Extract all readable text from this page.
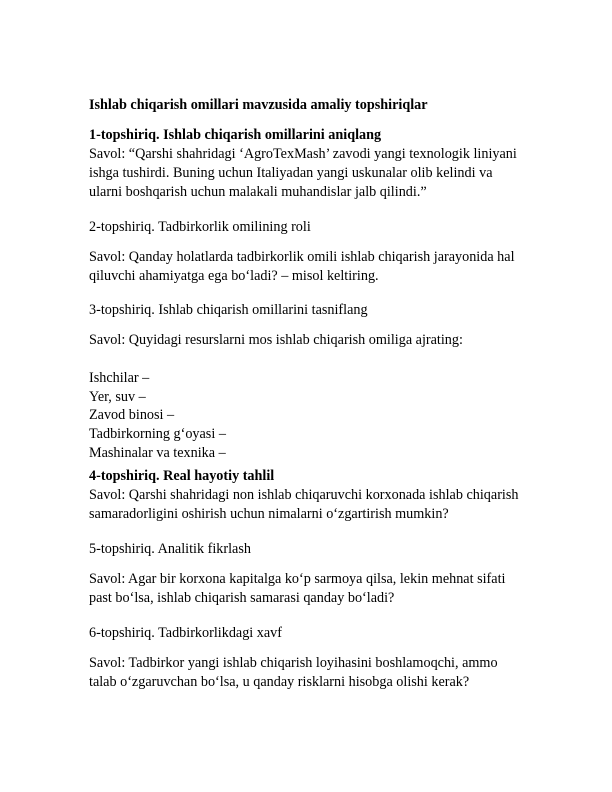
Ishlab chiqarish omillari mavzusida amaliy topshiriqlar
1-topshiriq. Ishlab chiqarish omillarini aniqlang
Savol: “Qarshi shahridagi ‘AgroTexMash’ zavodi yangi texnologik liniyani
ishga tushirdi. Buning uchun Italiyadan yangi uskunalar olib kelindi va
ularni boshqarish uchun malakali muhandislar jalb qilindi.”
2-topshiriq. Tadbirkorlik omilining roli
Savol: Qanday holatlarda tadbirkorlik omili ishlab chiqarish jarayonida hal
qiluvchi ahamiyatga ega bo‘ladi? – misol keltiring.
3-topshiriq. Ishlab chiqarish omillarini tasniflang
Savol: Quyidagi resurslarni mos ishlab chiqarish omiliga ajrating:
Ishchilar –
Yer, suv –
Zavod binosi –
Tadbirkorning g‘oyasi –
Mashinalar va texnika –
4-topshiriq. Real hayotiy tahlil
Savol: Qarshi shahridagi non ishlab chiqaruvchi korxonada ishlab chiqarish
samaradorligini oshirish uchun nimalarni o‘zgartirish mumkin?
5-topshiriq. Analitik fikrlash
Savol: Agar bir korxona kapitalga ko‘p sarmoya qilsa, lekin mehnat sifati
past bo‘lsa, ishlab chiqarish samarasi qanday bo‘ladi?
6-topshiriq. Tadbirkorlikdagi xavf
Savol: Tadbirkor yangi ishlab chiqarish loyihasini boshlamoqchi, ammo
talab o‘zgaruvchan bo‘lsa, u qanday risklarni hisobga olishi kerak?
